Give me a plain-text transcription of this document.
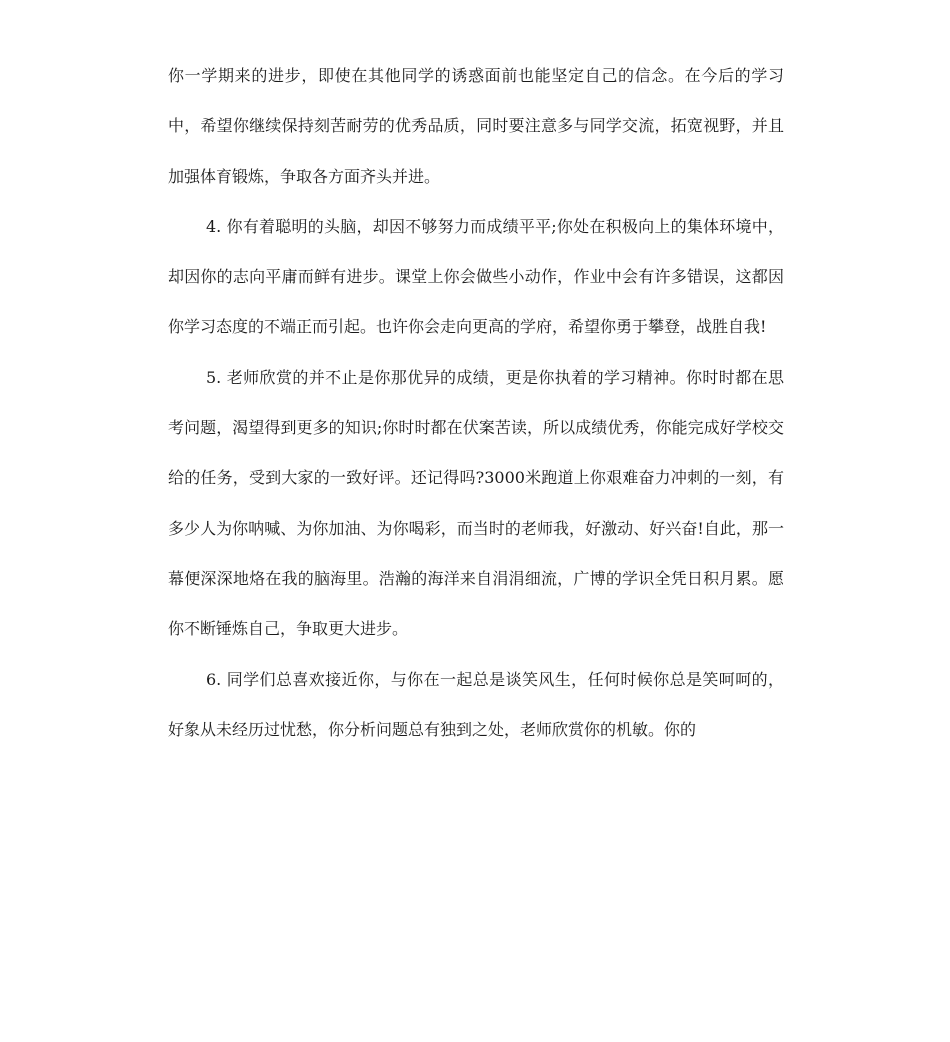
你一学期来的进步，即使在其他同学的诱惑面前也能坚定自己的信念。在今后的学习中，希望你继续保持刻苦耐劳的优秀品质，同时要注意多与同学交流，拓宽视野，并且加强体育锻炼，争取各方面齐头并进。

4. 你有着聪明的头脑，却因不够努力而成绩平平;你处在积极向上的集体环境中，却因你的志向平庸而鲜有进步。课堂上你会做些小动作，作业中会有许多错误，这都因你学习态度的不端正而引起。也许你会走向更高的学府，希望你勇于攀登，战胜自我!

5. 老师欣赏的并不止是你那优异的成绩，更是你执着的学习精神。你时时都在思考问题，渴望得到更多的知识;你时时都在伏案苦读，所以成绩优秀，你能完成好学校交给的任务，受到大家的一致好评。还记得吗?3000米跑道上你艰难奋力冲刺的一刻，有多少人为你呐喊、为你加油、为你喝彩，而当时的老师我，好激动、好兴奋!自此，那一幕便深深地烙在我的脑海里。浩瀚的海洋来自涓涓细流，广博的学识全凭日积月累。愿你不断锤炼自己，争取更大进步。

6. 同学们总喜欢接近你，与你在一起总是谈笑风生，任何时候你总是笑呵呵的，好象从未经历过忧愁，你分析问题总有独到之处，老师欣赏你的机敏。你的
